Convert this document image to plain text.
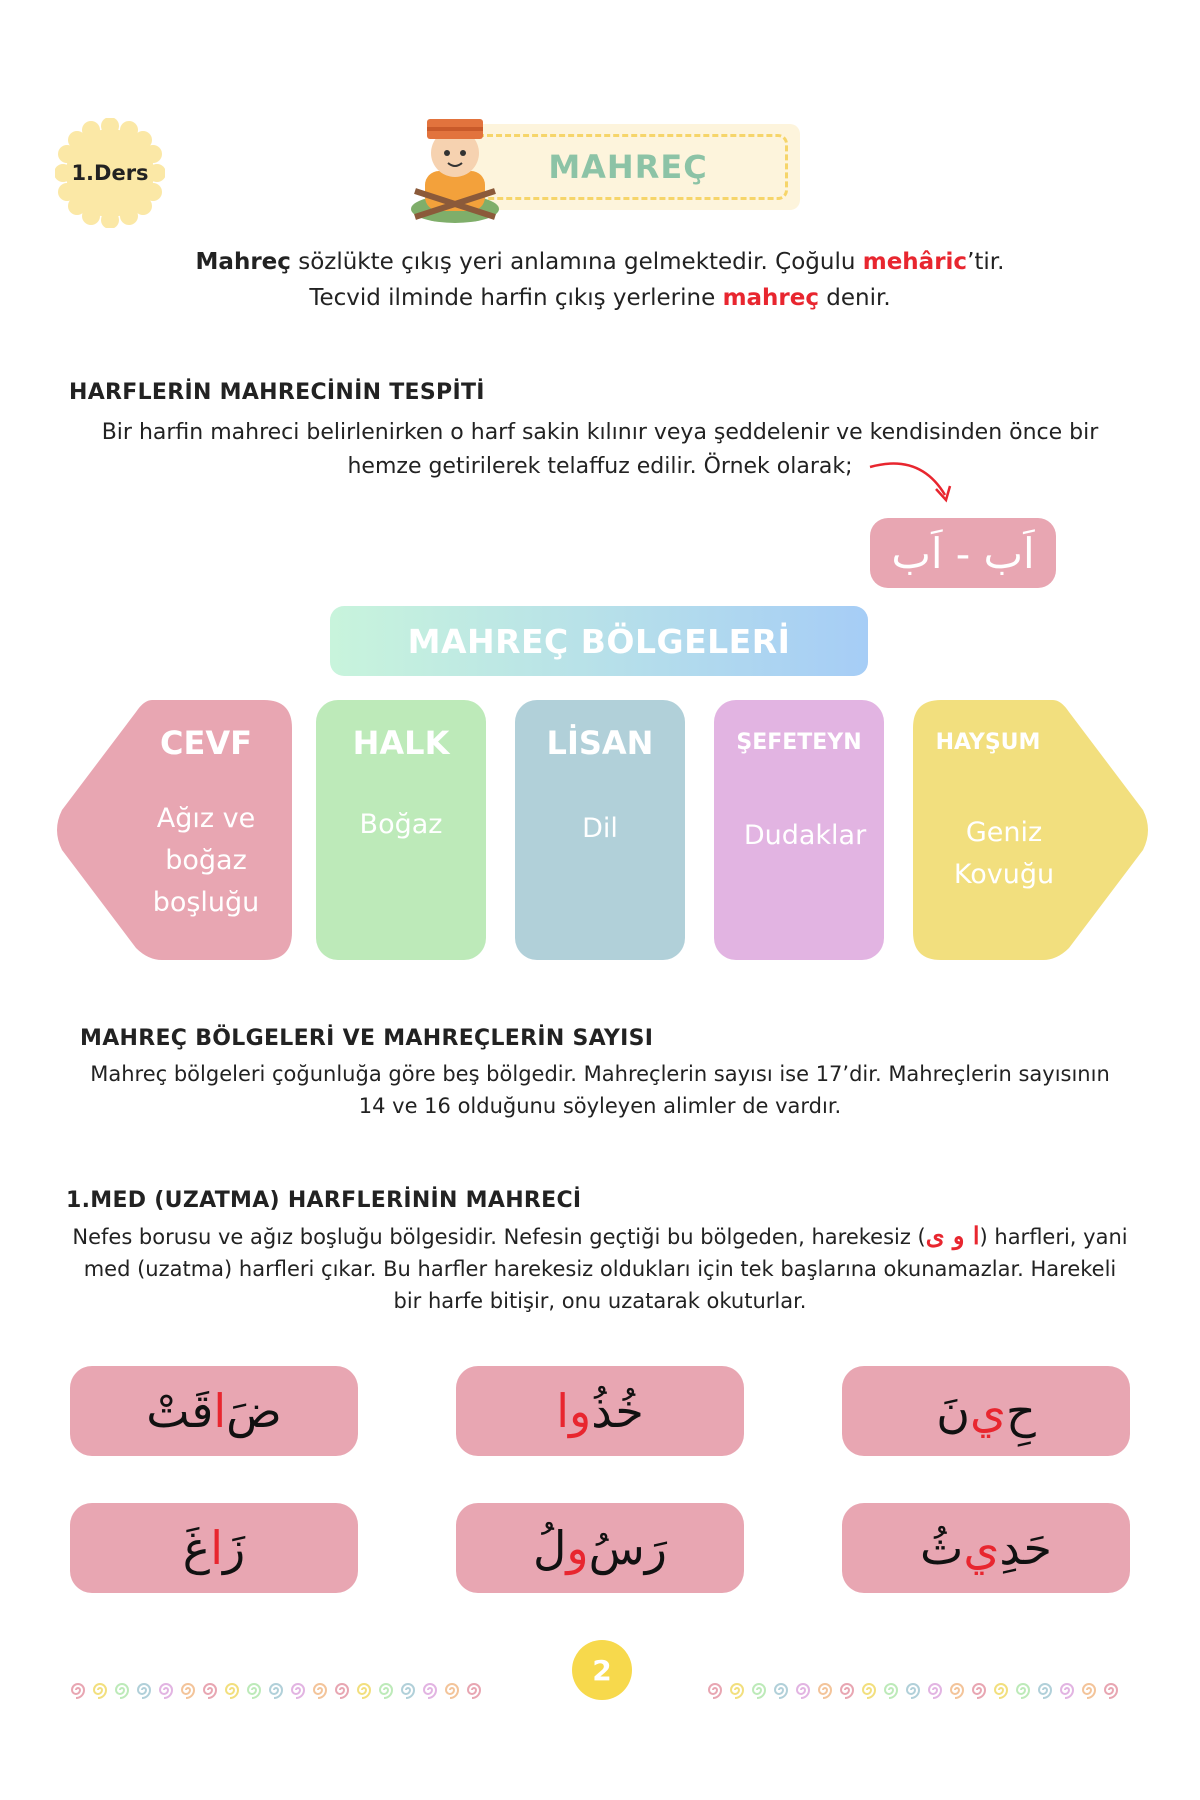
1.Ders	MAHREÇ
Mahreç sözlükte çıkış yeri anlamına gelmektedir. Çoğulu mehâric’tir.
Tecvid ilminde harfin çıkış yerlerine mahreç denir.
HARFLERİN MAHRECİNİN TESPİTİ
Bir harfin mahreci belirlenirken o harf sakin kılınır veya şeddelenir ve kendisinden önce bir
hemze getirilerek telaffuz edilir. Örnek olarak;
اَب - اَب
MAHREÇ BÖLGELERİ
CEVF
Ağız ve
boğaz
boşluğu
HALK
Boğaz
LİSAN
Dil
ŞEFETEYN
Dudaklar
HAYŞUM
Geniz
Kovuğu
MAHREÇ BÖLGELERİ VE MAHREÇLERİN SAYISI
Mahreç bölgeleri çoğunluğa göre beş bölgedir. Mahreçlerin sayısı ise 17’dir. Mahreçlerin sayısının
14 ve 16 olduğunu söyleyen alimler de vardır.
1.MED (UZATMA) HARFLERİNİN MAHRECİ
Nefes borusu ve ağız boşluğu bölgesidir. Nefesin geçtiği bu bölgeden, harekesiz (ا و ى) harfleri, yani
med (uzatma) harfleri çıkar. Bu harfler harekesiz oldukları için tek başlarına okunamazlar. Harekeli
bir harfe bitişir, onu uzatarak okuturlar.
ضَ
ا
قَتْ	خُذُ
وا	حِ
ي
نَ
زَ
ا
غَ	رَسُ
و
لُ	حَدِ
ي
ثُ
2
